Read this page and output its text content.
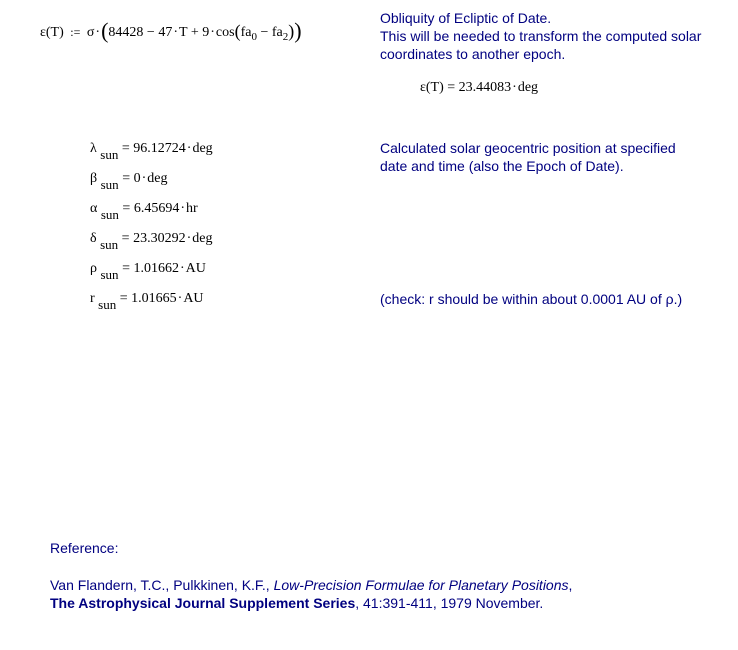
ε(T) := $\sigma\cdot(84428 - 47\cdot T + 9\cdot\cos(fa_0 - fa_2))$	Obliquity of Ecliptic of Date.
This will be needed to transform the computed solar
coordinates to another epoch.
ε(T) = 23.44083·deg
λ sun = 96.12724·deg
β sun = 0·deg
α sun = 6.45694·hr
δ sun = 23.30292·deg
ρ sun = 1.01662·AU
r sun = 1.01665·AU
Calculated solar geocentric position at specified
date and time (also the Epoch of Date).
(check: r should be within about 0.0001 AU of ρ.)
Reference:
Van Flandern, T.C., Pulkkinen, K.F., Low-Precision Formulae for Planetary Positions,
The Astrophysical Journal Supplement Series, 41:391-411, 1979 November.
